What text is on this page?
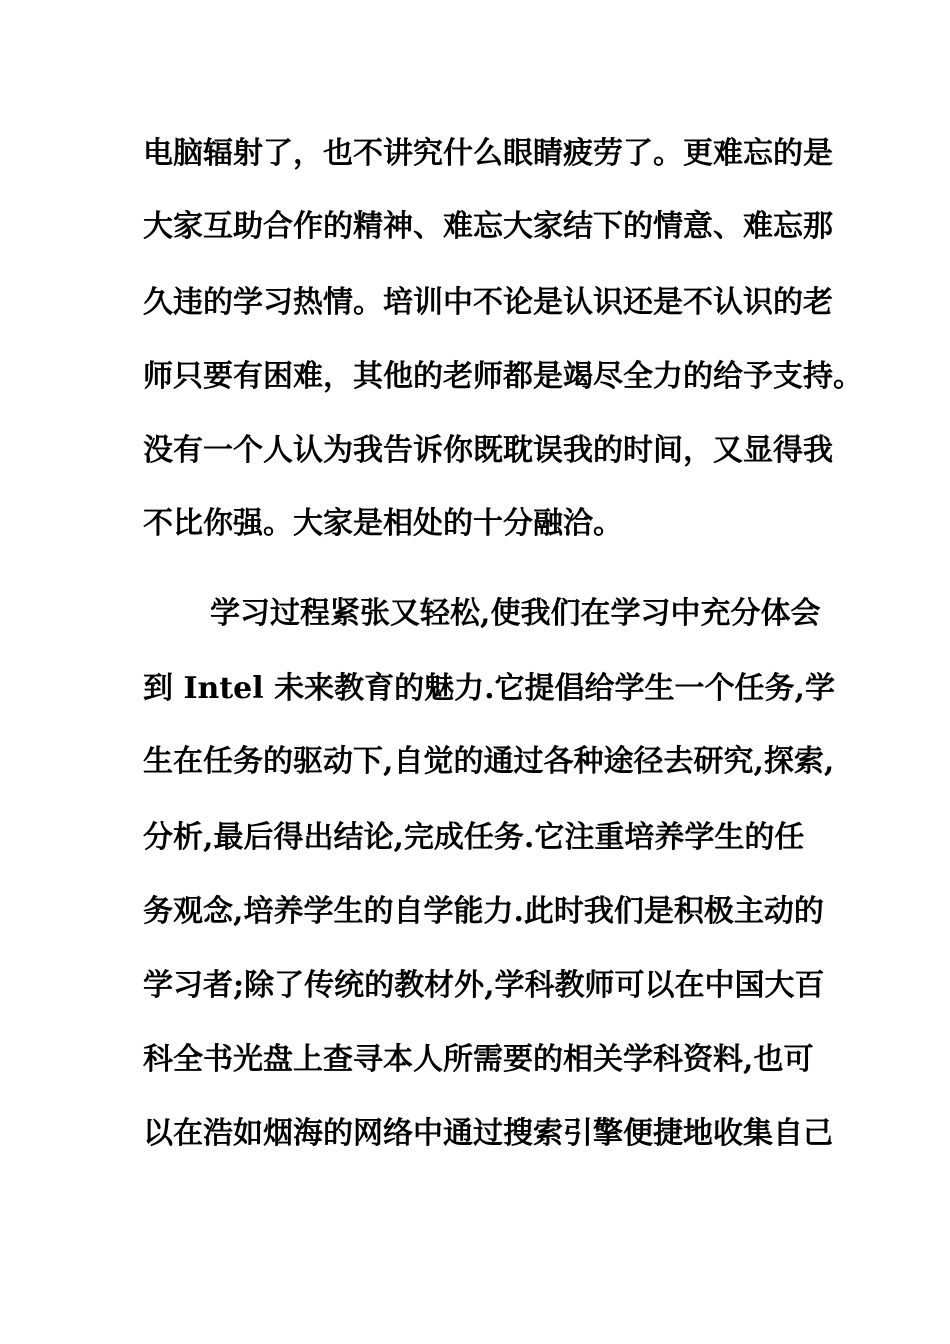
电脑辐射了，也不讲究什么眼睛疲劳了。更难忘的是
大家互助合作的精神、难忘大家结下的情意、难忘那
久违的学习热情。培训中不论是认识还是不认识的老
师只要有困难，其他的老师都是竭尽全力的给予支持。
没有一个人认为我告诉你既耽误我的时间，又显得我
不比你强。大家是相处的十分融洽。
学习过程紧张又轻松,使我们在学习中充分体会
到 Intel 未来教育的魅力.它提倡给学生一个任务,学
生在任务的驱动下,自觉的通过各种途径去研究,探索,
分析,最后得出结论,完成任务.它注重培养学生的任
务观念,培养学生的自学能力.此时我们是积极主动的
学习者;除了传统的教材外,学科教师可以在中国大百
科全书光盘上查寻本人所需要的相关学科资料,也可
以在浩如烟海的网络中通过搜索引擎便捷地收集自己
